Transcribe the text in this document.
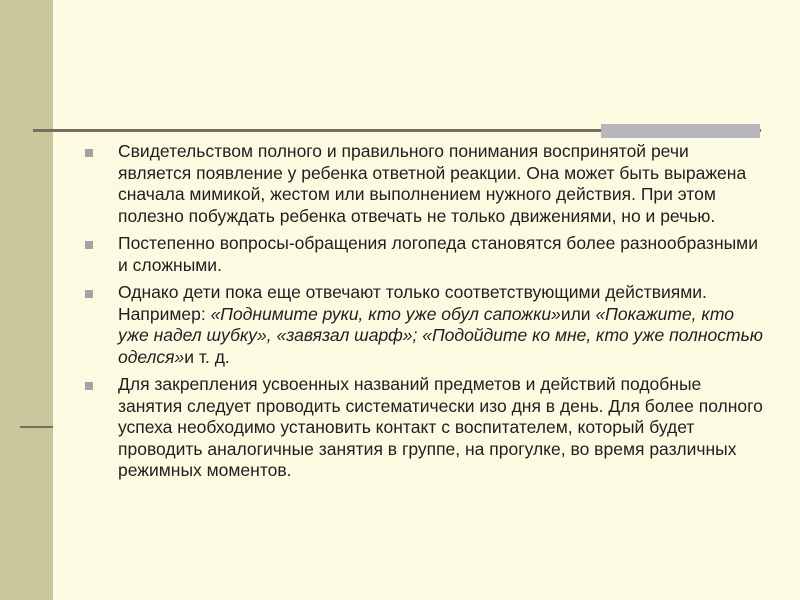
Свидетельством полного и правильного понимания воспринятой речи является появление у ребенка ответной реакции. Она может быть выражена сначала мимикой, жестом или выполнением нужного действия. При этом полезно побуждать ребенка отвечать не только движениями, но и речью.
Постепенно вопросы-обращения логопеда становятся более разнообразными и сложными.
Однако дети пока еще отвечают только соответствующими действиями. Например: «Поднимите руки, кто уже обул сапожки»или «Покажите, кто уже надел шубку», «завязал шарф»; «Подойдите ко мне, кто уже полностью оделся»и т. д.
Для закрепления усвоенных названий предметов и действий подобные занятия следует проводить систематически изо дня в день. Для более полного успеха необходимо установить контакт с воспитателем, который будет проводить аналогичные занятия в группе, на прогулке, во время различных режимных моментов.
